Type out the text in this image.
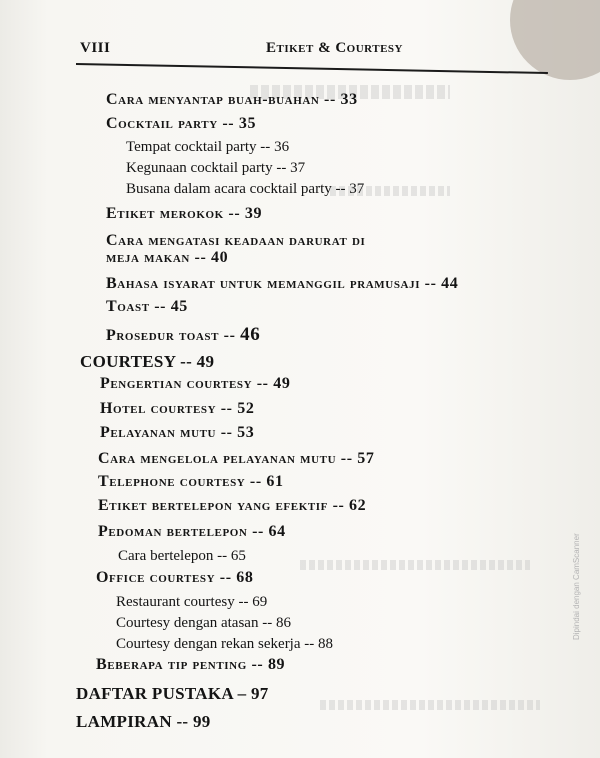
VIII	Etiket & Courtesy
Cara menyantap buah-buahan -- 33
Cocktail party -- 35
Tempat cocktail party -- 36
Kegunaan cocktail party -- 37
Busana dalam acara cocktail party -- 37
Etiket merokok -- 39
Cara mengatasi keadaan darurat di
meja makan -- 40
Bahasa isyarat untuk memanggil pramusaji -- 44
Toast -- 45
Prosedur toast -- 46
COURTESY -- 49
Pengertian courtesy -- 49
Hotel courtesy -- 52
Pelayanan mutu -- 53
Cara mengelola pelayanan mutu -- 57
Telephone courtesy -- 61
Etiket bertelepon yang efektif -- 62
Pedoman bertelepon -- 64
Cara bertelepon -- 65
Office courtesy -- 68
Restaurant courtesy -- 69
Courtesy dengan atasan -- 86
Courtesy dengan rekan sekerja -- 88
Beberapa tip penting -- 89
DAFTAR PUSTAKA – 97
LAMPIRAN -- 99
Dipindai dengan CamScanner
